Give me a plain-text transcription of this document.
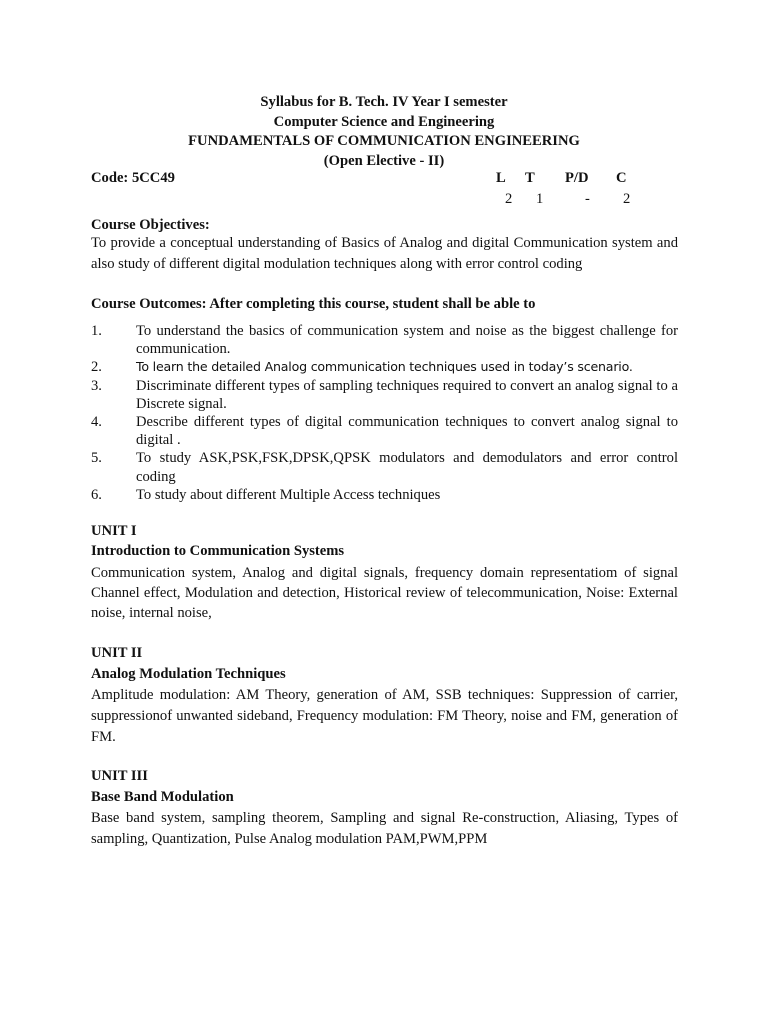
Syllabus for B. Tech. IV Year I semester
Computer Science and Engineering
FUNDAMENTALS OF COMMUNICATION ENGINEERING
(Open Elective - II)
Code: 5CC49	L T P/D C
2 1	- 2
Course Objectives:
To provide a conceptual understanding of Basics of Analog and digital Communication system and also study of different digital modulation techniques along with error control coding
Course Outcomes: After completing this course, student shall be able to
1. To understand the basics of communication system and noise as the biggest challenge for communication.
2.	To learn the detailed Analog communication techniques used in today’s scenario.
3. Discriminate different types of sampling techniques required to convert an analog signal to a Discrete signal.
4. Describe different types of digital communication techniques to convert analog signal to digital .
5. To study ASK,PSK,FSK,DPSK,QPSK modulators and demodulators and error control coding
6. To study about different Multiple Access techniques
UNIT I
Introduction to Communication Systems
Communication system, Analog and digital signals, frequency domain representatiom of signal Channel effect, Modulation and detection, Historical review of telecommunication, Noise: External noise, internal noise,
UNIT II
Analog Modulation Techniques
Amplitude modulation: AM Theory, generation of AM, SSB techniques: Suppression of carrier, suppressionof unwanted sideband, Frequency modulation: FM Theory, noise and FM, generation of FM.
UNIT III
Base Band Modulation
Base band system, sampling theorem, Sampling and signal Re-construction, Aliasing, Types of sampling, Quantization, Pulse Analog modulation PAM,PWM,PPM
